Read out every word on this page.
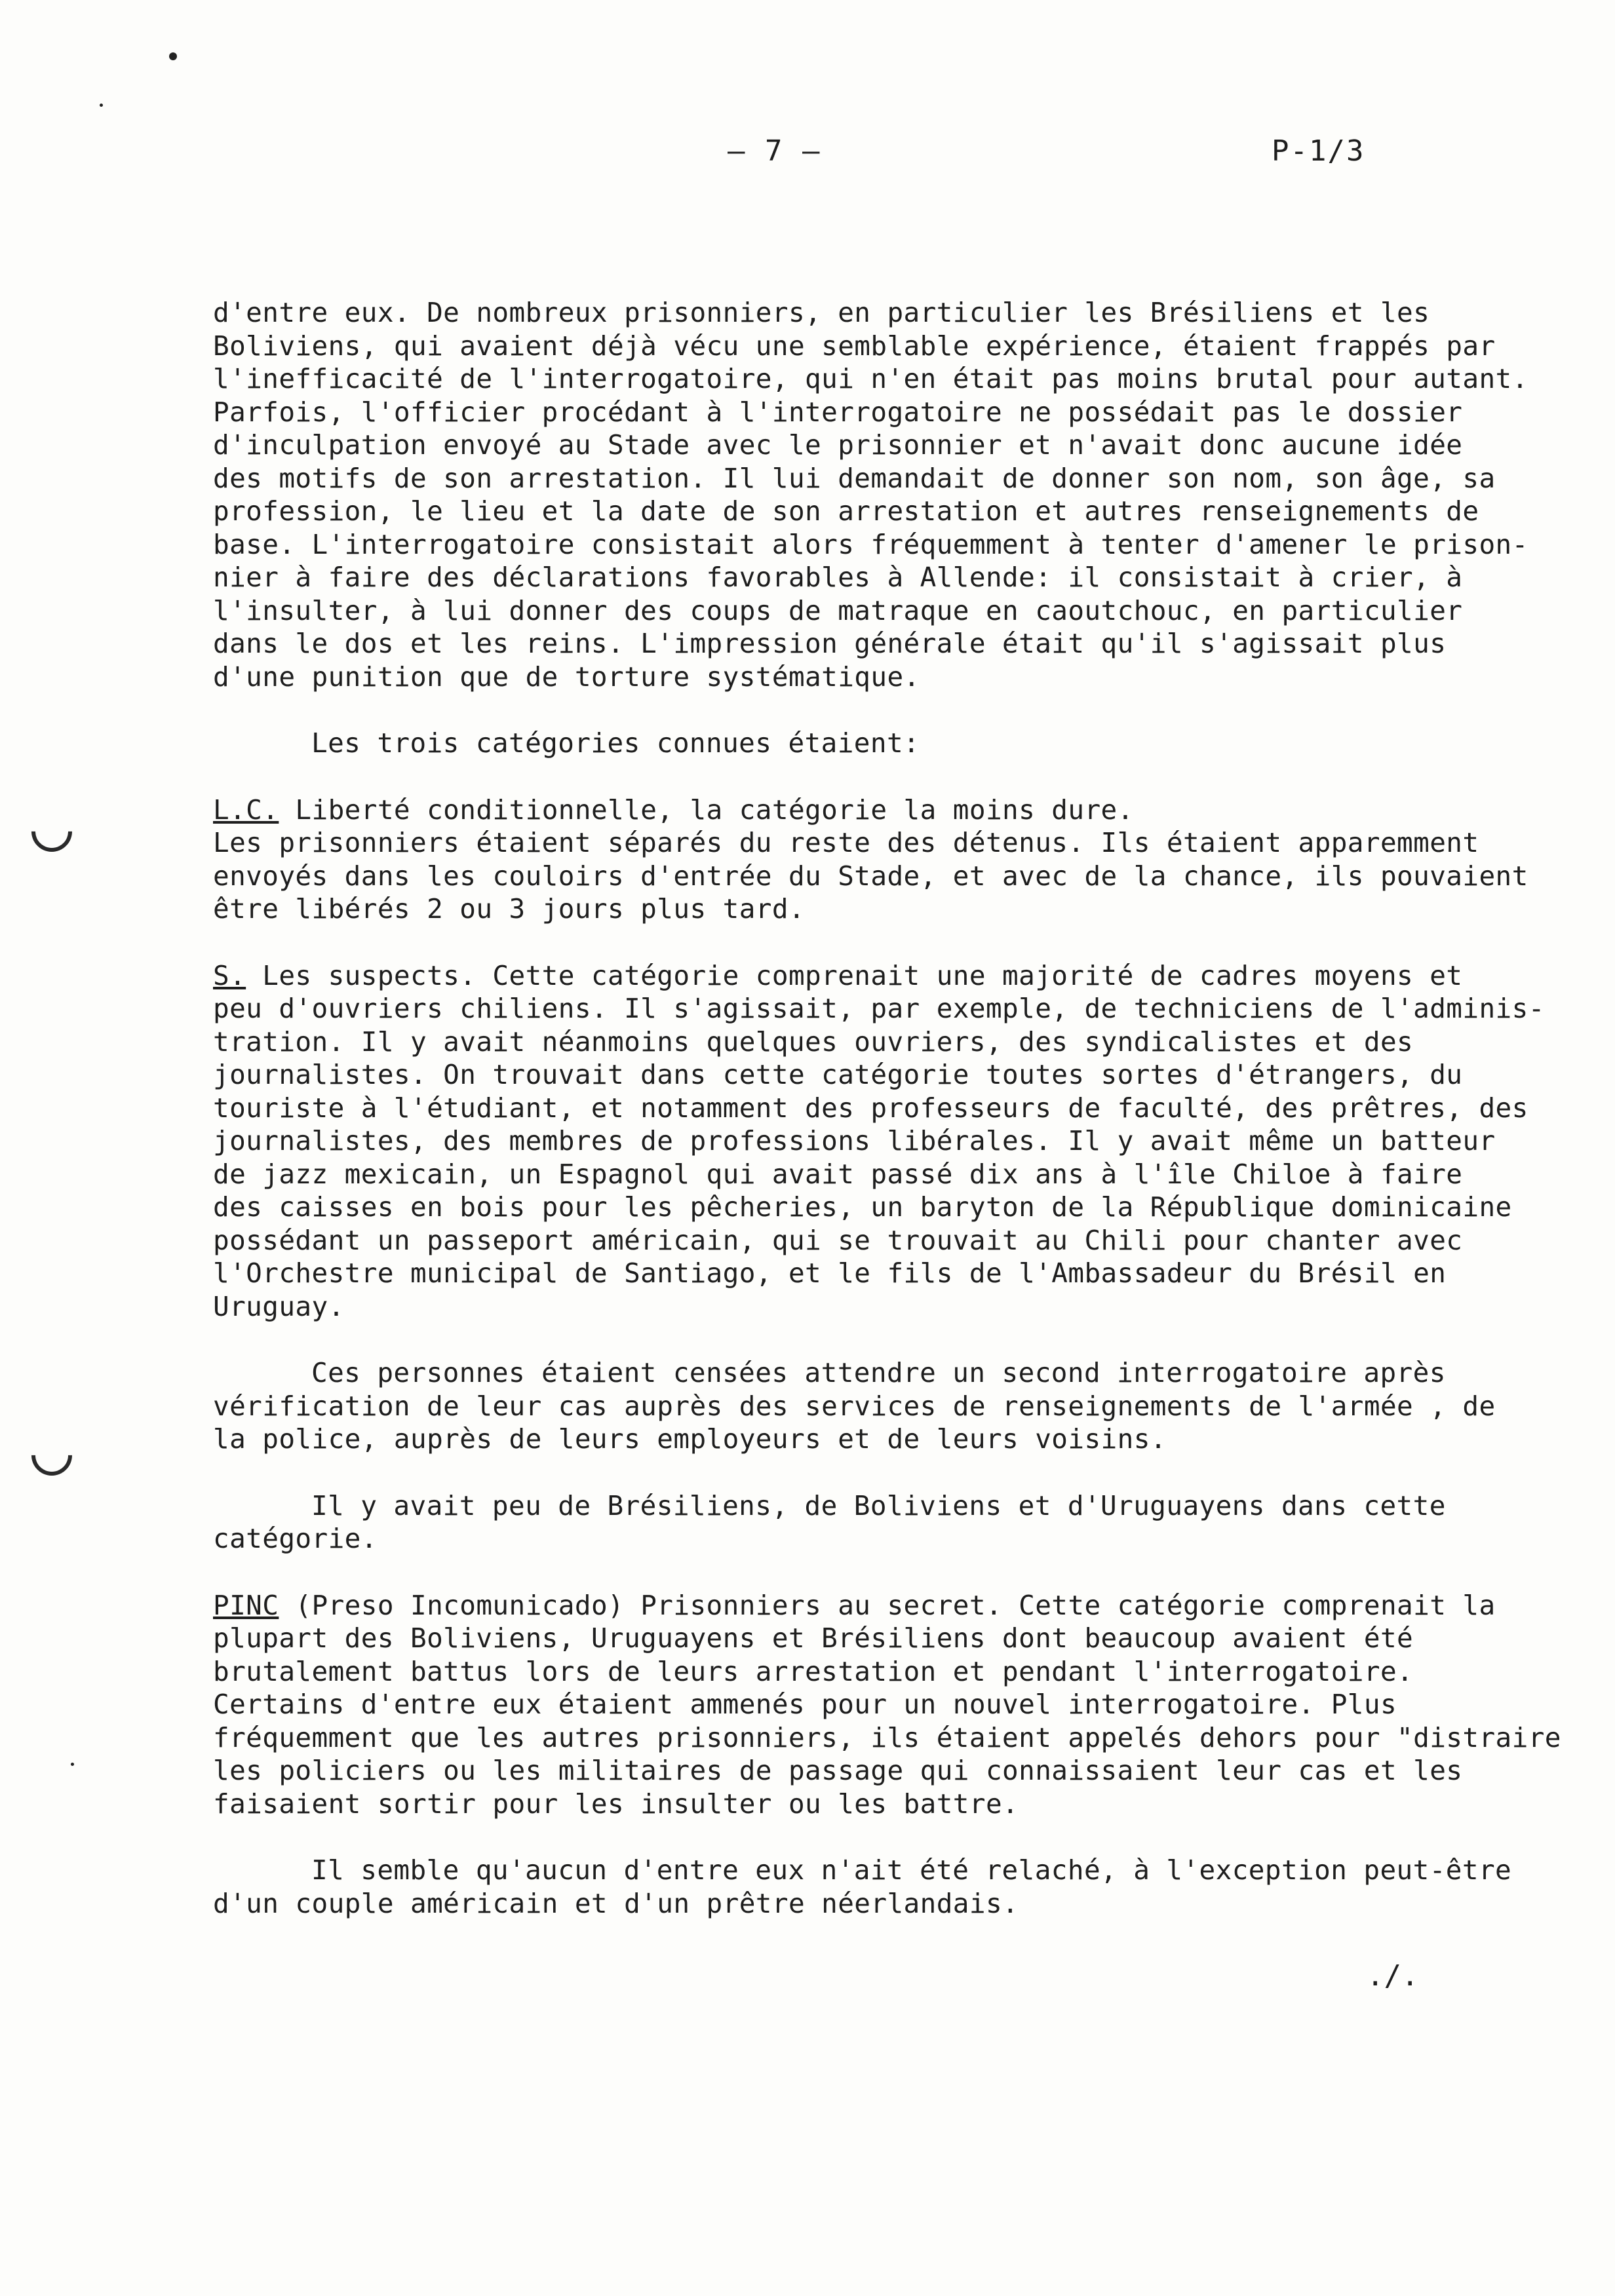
– 7 –	P-1/3
d'entre eux. De nombreux prisonniers, en particulier les Brésiliens et les
Boliviens, qui avaient déjà vécu une semblable expérience, étaient frappés par
l'inefficacité de l'interrogatoire, qui n'en était pas moins brutal pour autant.
Parfois, l'officier procédant à l'interrogatoire ne possédait pas le dossier
d'inculpation envoyé au Stade avec le prisonnier et n'avait donc aucune idée
des motifs de son arrestation. Il lui demandait de donner son nom, son âge, sa
profession, le lieu et la date de son arrestation et autres renseignements de
base. L'interrogatoire consistait alors fréquemment à tenter d'amener le prison-
nier à faire des déclarations favorables à Allende: il consistait à crier, à
l'insulter, à lui donner des coups de matraque en caoutchouc, en particulier
dans le dos et les reins. L'impression générale était qu'il s'agissait plus
d'une punition que de torture systématique.
Les trois catégories connues étaient:
L.C. Liberté conditionnelle, la catégorie la moins dure.
Les prisonniers étaient séparés du reste des détenus. Ils étaient apparemment
envoyés dans les couloirs d'entrée du Stade, et avec de la chance, ils pouvaient
être libérés 2 ou 3 jours plus tard.
S. Les suspects. Cette catégorie comprenait une majorité de cadres moyens et
peu d'ouvriers chiliens. Il s'agissait, par exemple, de techniciens de l'adminis-
tration. Il y avait néanmoins quelques ouvriers, des syndicalistes et des
journalistes. On trouvait dans cette catégorie toutes sortes d'étrangers, du
touriste à l'étudiant, et notamment des professeurs de faculté, des prêtres, des
journalistes, des membres de professions libérales. Il y avait même un batteur
de jazz mexicain, un Espagnol qui avait passé dix ans à l'île Chiloe à faire
des caisses en bois pour les pêcheries, un baryton de la République dominicaine
possédant un passeport américain, qui se trouvait au Chili pour chanter avec
l'Orchestre municipal de Santiago, et le fils de l'Ambassadeur du Brésil en
Uruguay.
Ces personnes étaient censées attendre un second interrogatoire après
vérification de leur cas auprès des services de renseignements de l'armée , de
la police, auprès de leurs employeurs et de leurs voisins.
Il y avait peu de Brésiliens, de Boliviens et d'Uruguayens dans cette
catégorie.
PINC (Preso Incomunicado) Prisonniers au secret. Cette catégorie comprenait la
plupart des Boliviens, Uruguayens et Brésiliens dont beaucoup avaient été
brutalement battus lors de leurs arrestation et pendant l'interrogatoire.
Certains d'entre eux étaient ammenés pour un nouvel interrogatoire. Plus
fréquemment que les autres prisonniers, ils étaient appelés dehors pour "distraire
les policiers ou les militaires de passage qui connaissaient leur cas et les
faisaient sortir pour les insulter ou les battre.
Il semble qu'aucun d'entre eux n'ait été relaché, à l'exception peut-être
d'un couple américain et d'un prêtre néerlandais.
./.
